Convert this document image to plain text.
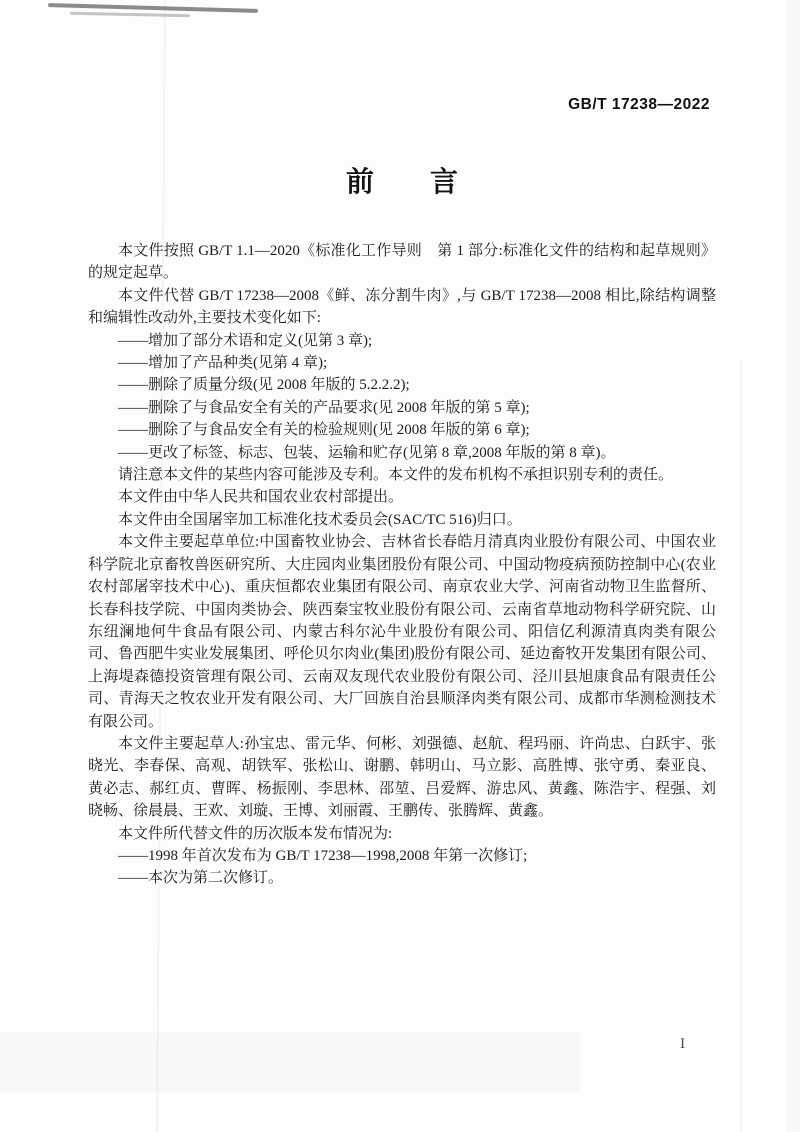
GB/T 17238—2022
前　　言

本文件按照 GB/T 1.1—2020《标准化工作导则　第 1 部分:标准化文件的结构和起草规则》的规定起草。

本文件代替 GB/T 17238—2008《鲜、冻分割牛肉》,与 GB/T 17238—2008 相比,除结构调整和编辑性改动外,主要技术变化如下:

——增加了部分术语和定义(见第 3 章);
——增加了产品种类(见第 4 章);
——删除了质量分级(见 2008 年版的 5.2.2.2);
——删除了与食品安全有关的产品要求(见 2008 年版的第 5 章);
——删除了与食品安全有关的检验规则(见 2008 年版的第 6 章);
——更改了标签、标志、包装、运输和贮存(见第 8 章,2008 年版的第 8 章)。

请注意本文件的某些内容可能涉及专利。本文件的发布机构不承担识别专利的责任。

本文件由中华人民共和国农业农村部提出。

本文件由全国屠宰加工标准化技术委员会(SAC/TC 516)归口。

本文件主要起草单位:中国畜牧业协会、吉林省长春皓月清真肉业股份有限公司、中国农业科学院北京畜牧兽医研究所、大庄园肉业集团股份有限公司、中国动物疫病预防控制中心(农业农村部屠宰技术中心)、重庆恒都农业集团有限公司、南京农业大学、河南省动物卫生监督所、长春科技学院、中国肉类协会、陕西秦宝牧业股份有限公司、云南省草地动物科学研究院、山东纽澜地何牛食品有限公司、内蒙古科尔沁牛业股份有限公司、阳信亿利源清真肉类有限公司、鲁西肥牛实业发展集团、呼伦贝尔肉业(集团)股份有限公司、延边畜牧开发集团有限公司、上海堤森德投资管理有限公司、云南双友现代农业股份有限公司、泾川县旭康食品有限责任公司、青海天之牧农业开发有限公司、大厂回族自治县顺泽肉类有限公司、成都市华测检测技术有限公司。

本文件主要起草人:孙宝忠、雷元华、何彬、刘强德、赵航、程玛丽、许尚忠、白跃宇、张晓光、李春保、高观、胡铁军、张松山、谢鹏、韩明山、马立影、高胜博、张守勇、秦亚良、黄必志、郝红贞、曹晖、杨振刚、李思林、邵堃、吕爱辉、游忠风、黄鑫、陈浩宇、程强、刘晓畅、徐晨晨、王欢、刘璇、王博、刘丽霞、王鹏传、张腾辉、黄鑫。

本文件所代替文件的历次版本发布情况为:

——1998 年首次发布为 GB/T 17238—1998,2008 年第一次修订;
——本次为第二次修订。
Ⅰ
